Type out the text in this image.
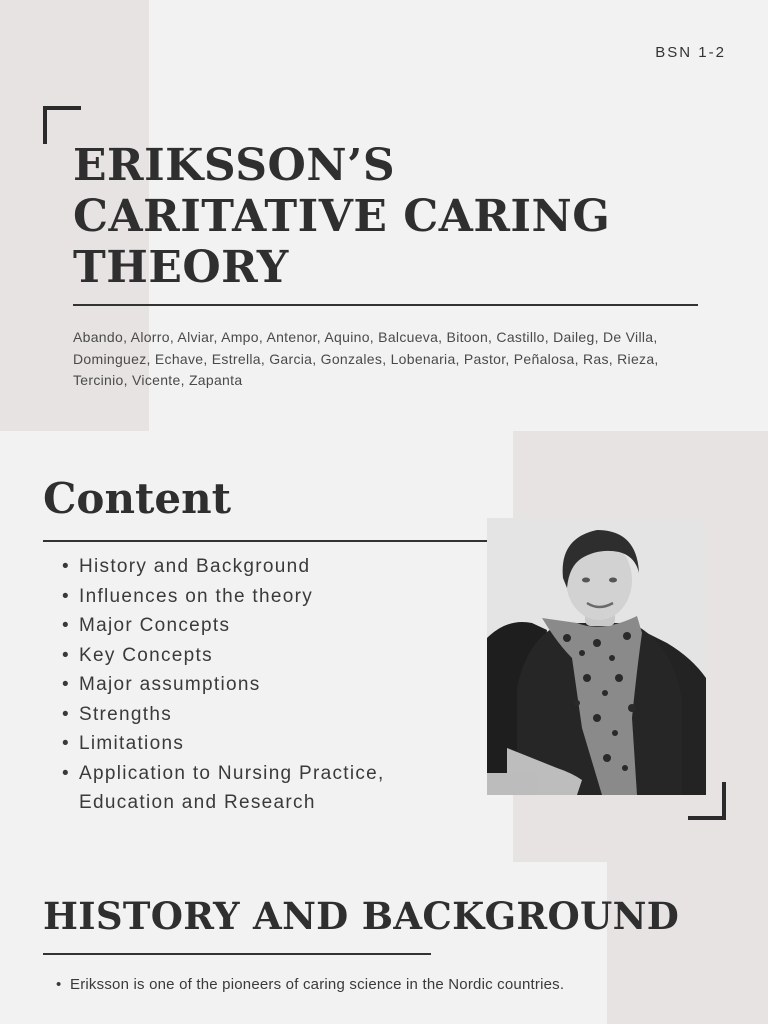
BSN 1-2
ERIKSSON’S
CARITATIVE CARING
THEORY

Abando, Alorro, Alviar, Ampo, Antenor, Aquino, Balcueva, Bitoon, Castillo, Daileg, De Villa, Dominguez, Echave, Estrella, Garcia, Gonzales, Lobenaria, Pastor, Peñalosa, Ras, Rieza, Tercinio, Vicente, Zapanta

Content
• History and Background
• Influences on the theory
• Major Concepts
• Key Concepts
• Major assumptions
• Strengths
• Limitations
• Application to Nursing Practice, Education and Research
HISTORY AND BACKGROUND
• Eriksson is one of the pioneers of caring science in the Nordic countries.
